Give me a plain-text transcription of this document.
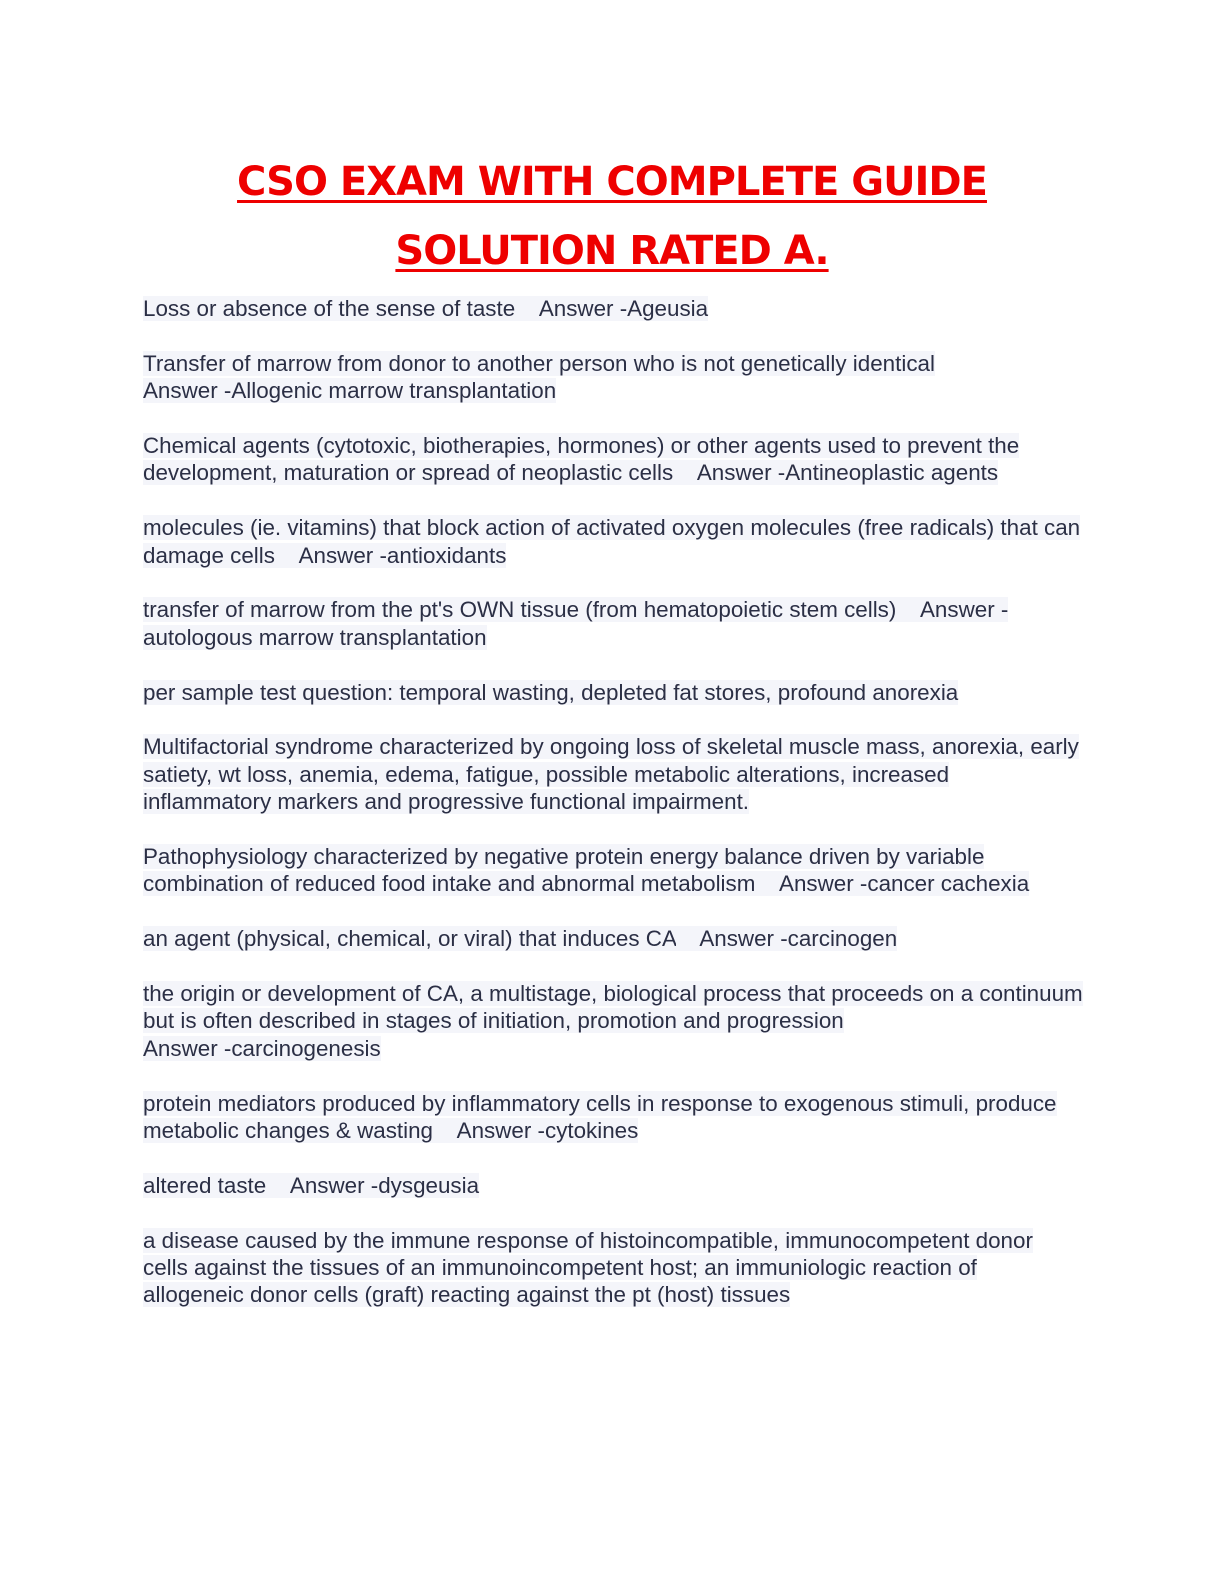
CSO EXAM WITH COMPLETE GUIDE
SOLUTION RATED A.

Loss or absence of the sense of taste Answer -Ageusia

Transfer of marrow from donor to another person who is not genetically identical
Answer -Allogenic marrow transplantation

Chemical agents (cytotoxic, biotherapies, hormones) or other agents used to prevent the development, maturation or spread of neoplastic cells Answer -Antineoplastic agents

molecules (ie. vitamins) that block action of activated oxygen molecules (free radicals) that can damage cells Answer -antioxidants

transfer of marrow from the pt's OWN tissue (from hematopoietic stem cells) Answer -autologous marrow transplantation

per sample test question: temporal wasting, depleted fat stores, profound anorexia

Multifactorial syndrome characterized by ongoing loss of skeletal muscle mass, anorexia, early satiety, wt loss, anemia, edema, fatigue, possible metabolic alterations, increased inflammatory markers and progressive functional impairment.

Pathophysiology characterized by negative protein energy balance driven by variable combination of reduced food intake and abnormal metabolism Answer -cancer cachexia

an agent (physical, chemical, or viral) that induces CA Answer -carcinogen

the origin or development of CA, a multistage, biological process that proceeds on a continuum but is often described in stages of initiation, promotion and progression
Answer -carcinogenesis

protein mediators produced by inflammatory cells in response to exogenous stimuli, produce metabolic changes & wasting Answer -cytokines

altered taste Answer -dysgeusia

a disease caused by the immune response of histoincompatible, immunocompetent donor cells against the tissues of an immunoincompetent host; an immuniologic reaction of allogeneic donor cells (graft) reacting against the pt (host) tissues
